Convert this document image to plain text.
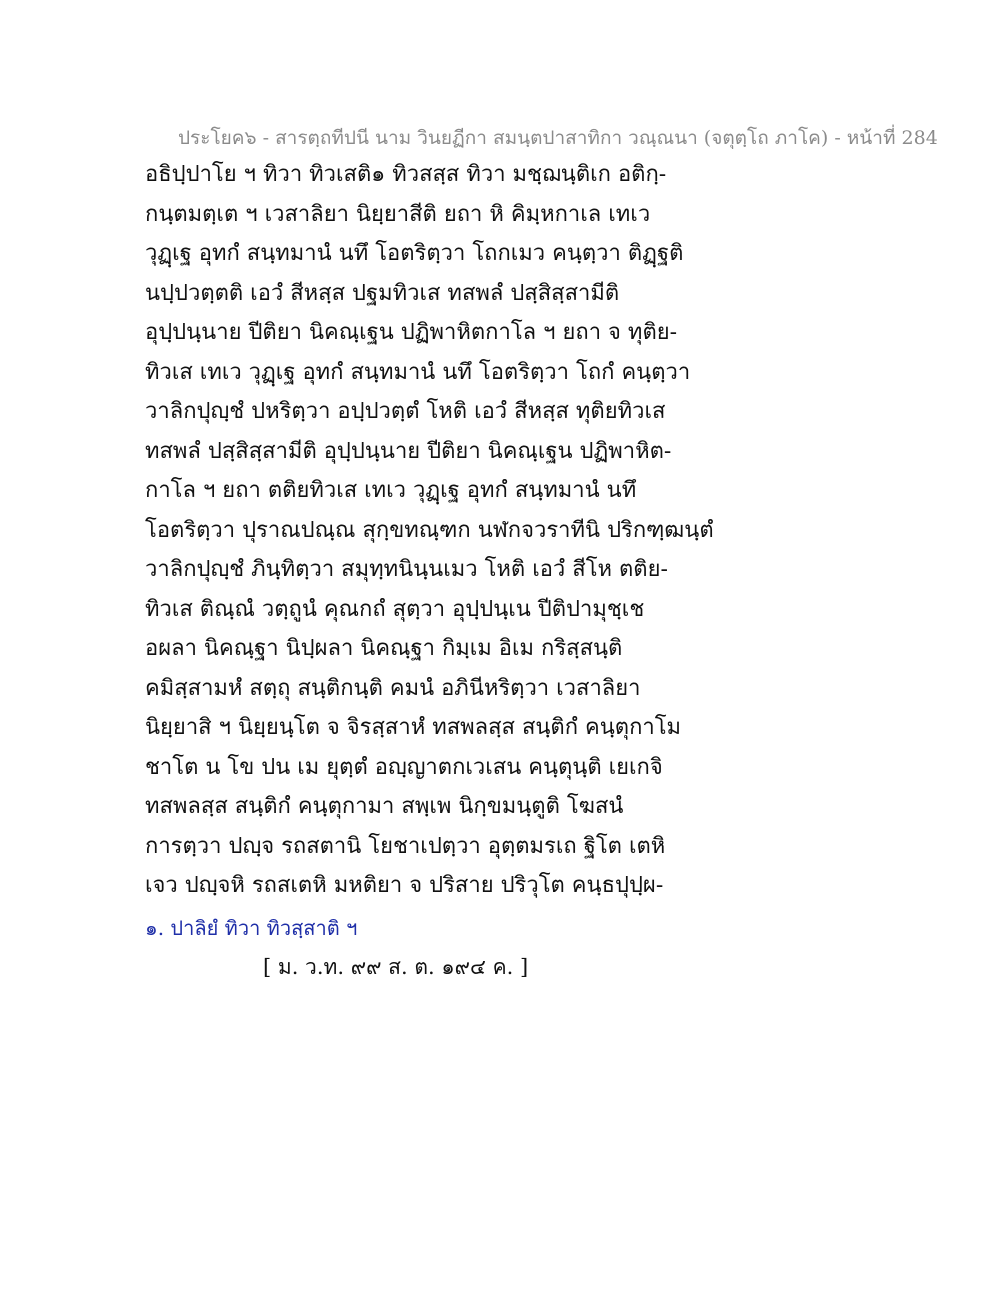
ประโยค๖ - สารตฺถทีปนี นาม วินยฏีกา สมนฺตปาสาทิกา วณฺณนา (จตุตฺโถ ภาโค) - หน้าที่ 284
อธิปฺปาโย ฯ ทิวา ทิวเสติ๑ ทิวสสฺส ทิวา มชฺฌนฺติเก อติกฺ-
กนฺตมตฺเต ฯ เวสาลิยา นิยฺยาสีติ ยถา หิ คิมฺหกาเล เทเว
วุฏฺเฐ อุทกํ สนฺทมานํ นทึ โอตริตฺวา โถกเมว คนฺตฺวา ติฏฺฐติ
นปฺปวตฺตติ เอวํ สีหสฺส ปฐมทิวเส ทสพลํ ปสฺสิสฺสามีติ
อุปฺปนฺนาย ปีติยา นิคณฺเฐน ปฏิพาหิตกาโล ฯ ยถา จ ทุติย-
ทิวเส เทเว วุฏฺเฐ อุทกํ สนฺทมานํ นทึ โอตริตฺวา โถกํ คนฺตฺวา
วาลิกปุญฺชํ ปหริตฺวา อปฺปวตฺตํ โหติ เอวํ สีหสฺส ทุติยทิวเส
ทสพลํ ปสฺสิสฺสามีติ อุปฺปนฺนาย ปีติยา นิคณฺเฐน ปฏิพาหิต-
กาโล ฯ ยถา ตติยทิวเส เทเว วุฏฺเฐ อุทกํ สนฺทมานํ นทึ
โอตริตฺวา ปุราณปณฺณ สุกฺขทณฺฑก นฬกจวราทีนิ ปริกฑฺฒนฺตํ
วาลิกปุญฺชํ ภินฺทิตฺวา สมุทฺทนินฺนเมว โหติ เอวํ สีโห ตติย-
ทิวเส ติณฺณํ วตฺถูนํ คุณกถํ สุตฺวา อุปฺปนฺเน ปีติปามุชฺเช
อผลา นิคณฺฐา นิปฺผลา นิคณฺฐา กิมฺเม อิเม กริสฺสนฺติ
คมิสฺสามหํ สตฺถุ สนฺติกนฺติ คมนํ อภินีหริตฺวา เวสาลิยา
นิยฺยาสิ ฯ นิยฺยนฺโต จ จิรสฺสาหํ ทสพลสฺส สนฺติกํ คนฺตุกาโม
ชาโต น โข ปน เม ยุตฺตํ อญฺญาตกเวเสน คนฺตุนฺติ เยเกจิ
ทสพลสฺส สนฺติกํ คนฺตุกามา สพฺเพ นิกฺขมนฺตูติ โฆสนํ
การตฺวา ปญฺจ รถสตานิ โยชาเปตฺวา อุตฺตมรเถ ฐิโต เตหิ
เจว ปญฺจหิ รถสเตหิ มหติยา จ ปริสาย ปริวุโต คนฺธปุปฺผ-
๑. ปาลิยํ ทิวา ทิวสฺสาติ ฯ
[ ม. ว.ท. ๙๙ ส. ต. ๑๙๔ ค. ]
